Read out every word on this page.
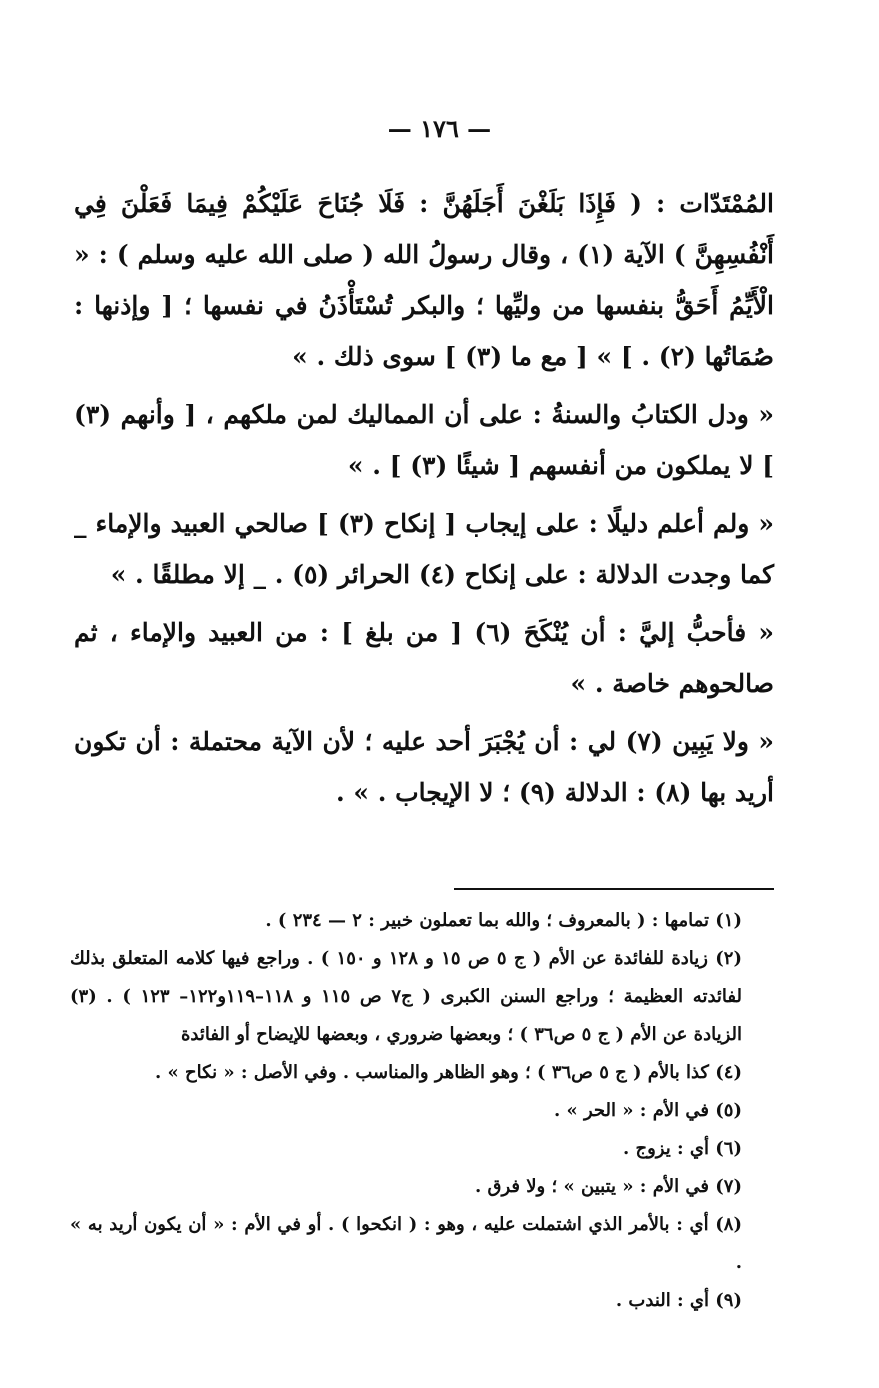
— ١٧٦ —

المُمْتَدّات : ( فَإِذَا بَلَغْنَ أَجَلَهُنَّ : فَلَا جُنَاحَ عَلَيْكُمْ فِيمَا فَعَلْنَ فِي أَنْفُسِهِنَّ ) الآية (١) ، وقال رسولُ الله ( صلى الله عليه وسلم ) : « الْأَيِّمُ أَحَقُّ بنفسها من وليِّها ؛ والبكر تُسْتَأْذَنُ في نفسها ؛ [ وإذنها : صُمَاتُها (٢) . ] » [ مع ما (٣) ] سوى ذلك . »

« ودل الكتابُ والسنةُ : على أن المماليك لمن ملكهم ، [ وأنهم (٣) ] لا يملكون من أنفسهم [ شيئًا (٣) ] . »

« ولم أعلم دليلًا : على إيجاب [ إنكاح (٣) ] صالحي العبيد والإماء _ كما وجدت الدلالة : على إنكاح (٤) الحرائر (٥) . _ إلا مطلقًا . »

« فأحبُّ إليَّ : أن يُنْكَحَ (٦) [ من بلغ ] : من العبيد والإماء ، ثم صالحوهم خاصة . »

« ولا يَبِين (٧) لي : أن يُجْبَرَ أحد عليه ؛ لأن الآية محتملة : أن تكون أريد بها (٨) : الدلالة (٩) ؛ لا الإيجاب . » .

(١) تمامها : ( بالمعروف ؛ والله بما تعملون خبير : ٢ — ٢٣٤ ) .

(٢) زيادة للفائدة عن الأم ( ج ٥ ص ١٥ و ١٢٨ و ١٥٠ ) . وراجع فيها كلامه المتعلق بذلك لفائدته العظيمة ؛ وراجع السنن الكبرى ( ج٧ ص ١١٥ و ١١٨–١١٩و١٢٢– ١٢٣ ) . (٣) الزيادة عن الأم ( ج ٥ ص٣٦ ) ؛ وبعضها ضروري ، وبعضها للإيضاح أو الفائدة

(٤) كذا بالأم ( ج ٥ ص٣٦ ) ؛ وهو الظاهر والمناسب . وفي الأصل : « نكاح » .

(٥) في الأم : « الحر » .

(٦) أي : يزوج .

(٧) في الأم : « يتبين » ؛ ولا فرق .

(٨) أي : بالأمر الذي اشتملت عليه ، وهو : ( انكحوا ) . أو في الأم : « أن يكون أريد به » .

(٩) أي : الندب .
